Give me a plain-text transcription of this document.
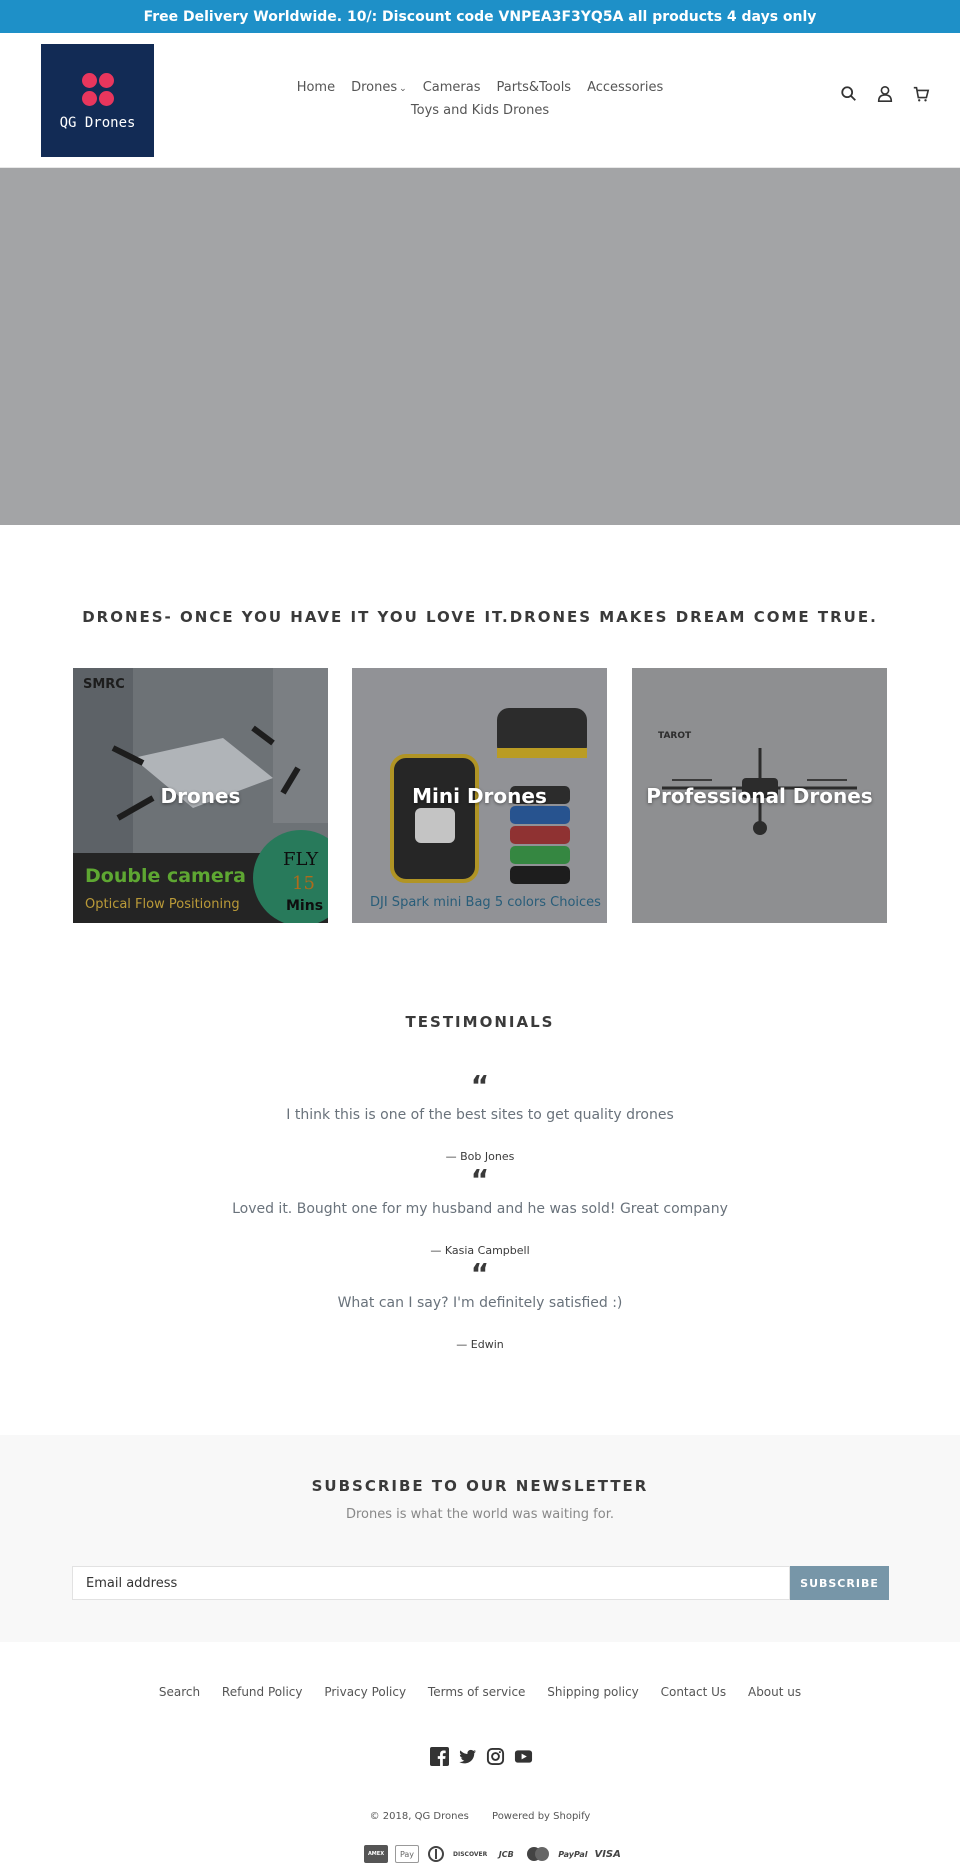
Free Delivery Worldwide. 10/: Discount code VNPEA3F3YQ5A all products 4 days only
QG Drones
Home Drones ⌄ Cameras Parts&Tools Accessories
Toys and Kids Drones
DRONES- ONCE YOU HAVE IT YOU LOVE IT.DRONES MAKES DREAM COME TRUE.
Drones	Mini Drones	Professional Drones
TESTIMONIALS
“
I think this is one of the best sites to get quality drones
— Bob Jones
“
Loved it. Bought one for my husband and he was sold! Great company
— Kasia Campbell
“
What can I say? I'm definitely satisfied :)
— Edwin
SUBSCRIBE TO OUR NEWSLETTER
Drones is what the world was waiting for.
Email address	SUBSCRIBE
Search Refund Policy Privacy Policy Terms of service Shipping policy Contact Us About us
© 2018, QG Drones Powered by Shopify
AMEX	Pay	DISCOVER	JCB	PayPal VISA
